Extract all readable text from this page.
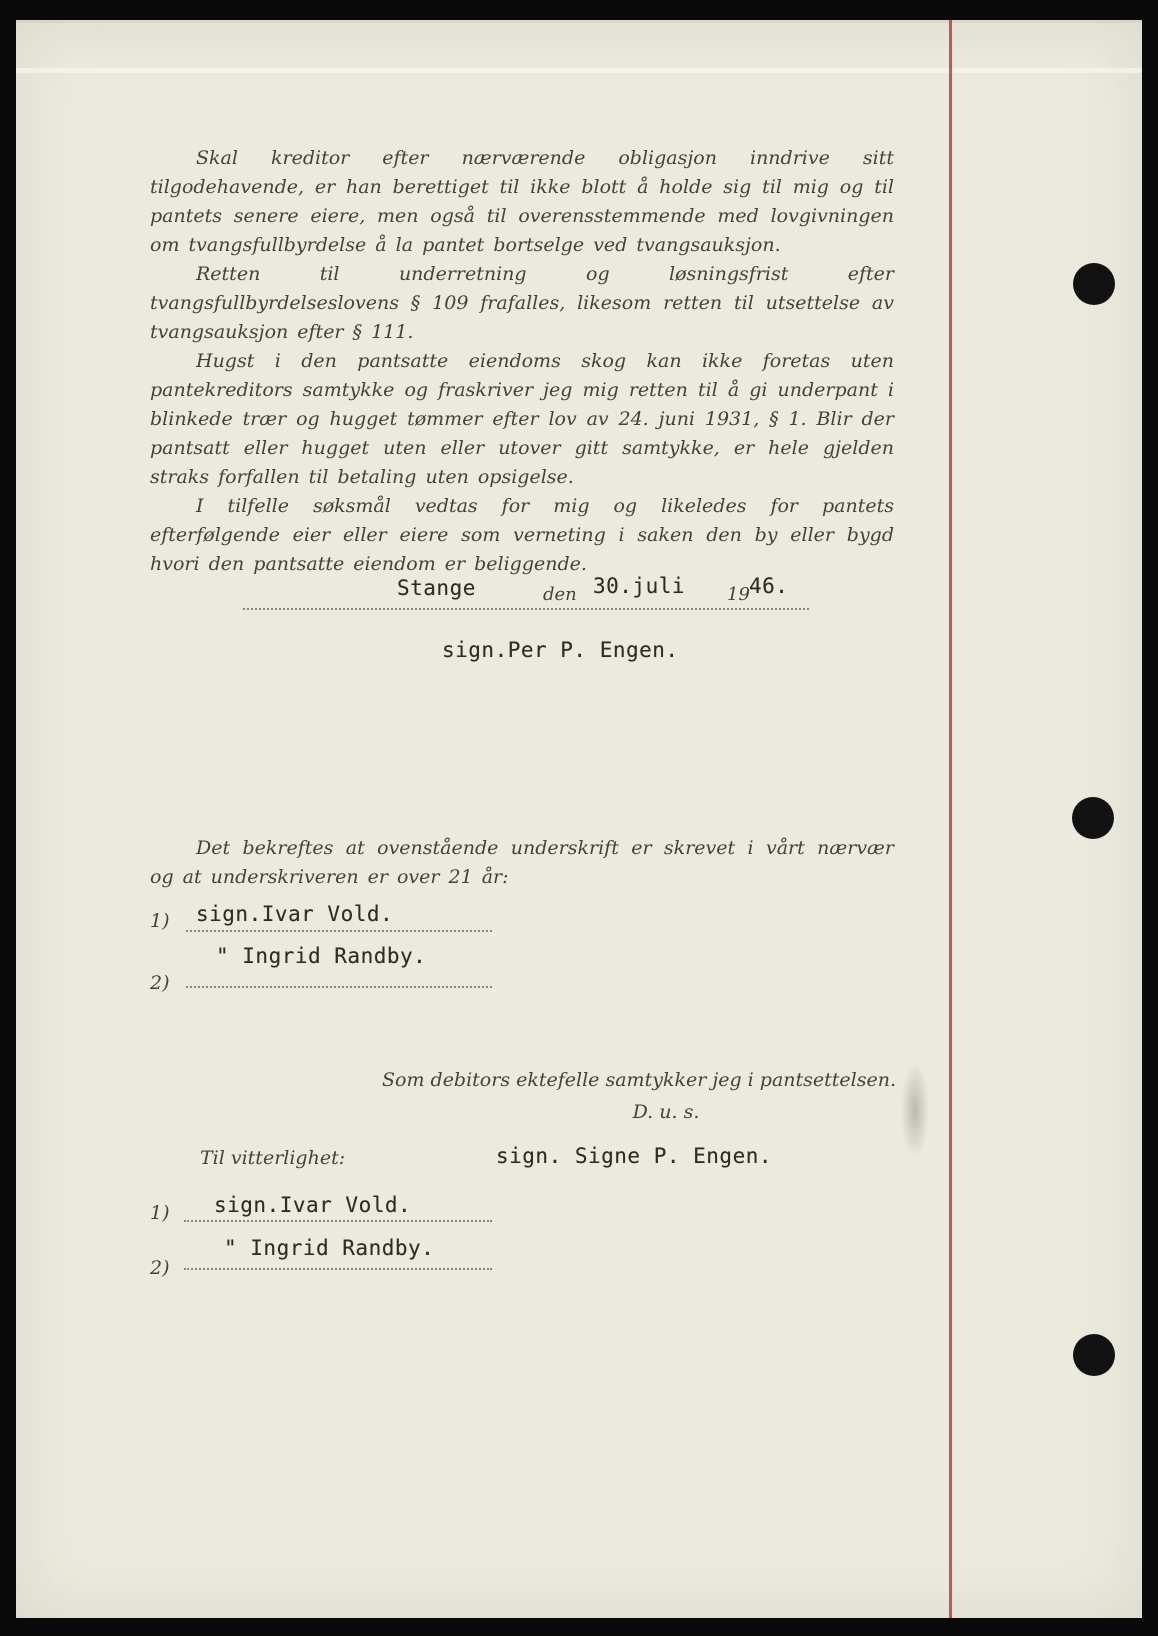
Skal kreditor efter nærværende obligasjon inndrive sitt tilgodehavende, er han berettiget til ikke blott å holde sig til mig og til pantets senere eiere, men også til overensstemmende med lovgivningen om tvangsfullbyrdelse å la pantet bortselge ved tvangsauksjon.

Retten til underretning og løsningsfrist efter tvangsfullbyrdelseslovens § 109 frafalles, likesom retten til utsettelse av tvangsauksjon efter § 111.

Hugst i den pantsatte eiendoms skog kan ikke foretas uten pantekreditors samtykke og fraskriver jeg mig retten til å gi underpant i blinkede trær og hugget tømmer efter lov av 24. juni 1931, § 1. Blir der pantsatt eller hugget uten eller utover gitt samtykke, er hele gjelden straks forfallen til betaling uten opsigelse.

I tilfelle søksmål vedtas for mig og likeledes for pantets efterfølgende eier eller eiere som verneting i saken den by eller bygd hvori den pantsatte eiendom er beliggende.

Stange	den 30.juli 19 46.
sign.Per P. Engen.

Det bekreftes at ovenstående underskrift er skrevet i vårt nærvær og at underskriveren er over 21 år:

1) sign.Ivar Vold.
" Ingrid Randby.
2)
Som debitors ektefelle samtykker jeg i pantsettelsen.
D. u. s.
Til vitterlighet:	sign. Signe P. Engen.
1) sign.Ivar Vold.
" Ingrid Randby.
2)
